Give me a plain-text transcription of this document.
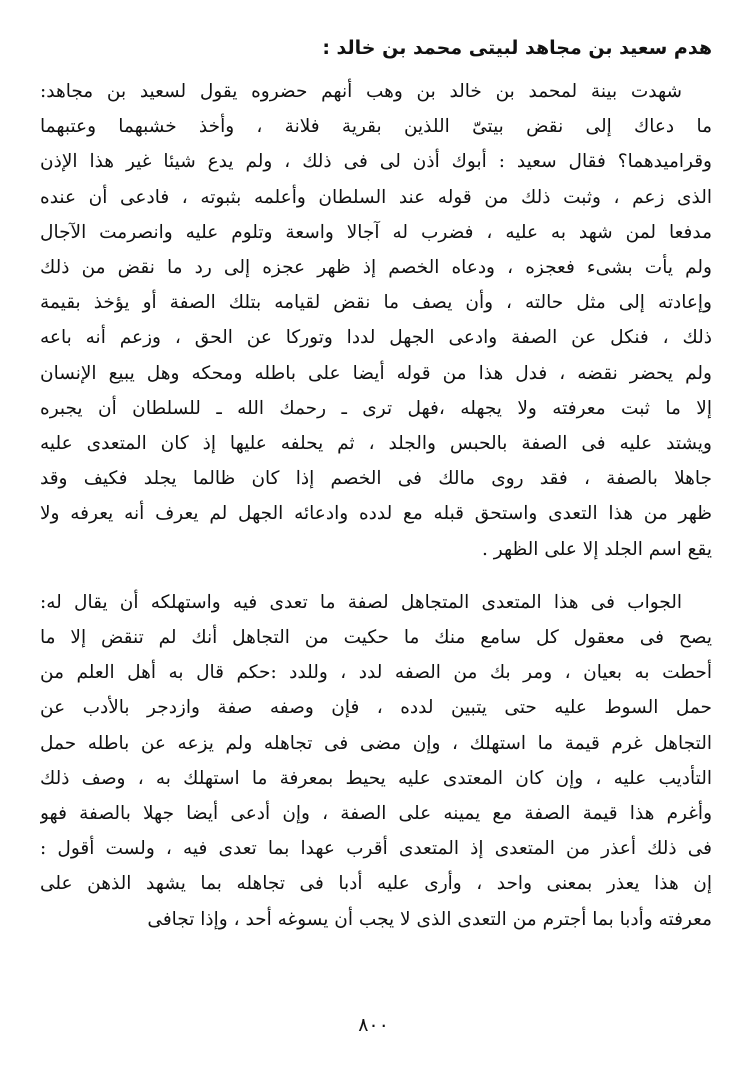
هدم سعيد بن مجاهد لبيتى محمد بن خالد :
شهدت بينة لمحمد بن خالد بن وهب أنهم حضروه يقول لسعيد بن مجاهد:
ما دعاك إلى نقض بيتىّ اللذين بقرية فلانة ، وأخذ خشبهما وعتبهما
وقراميدهما؟ فقال سعيد : أبوك أذن لى فى ذلك ، ولم يدع شيئا غير هذا الإذن
الذى زعم ، وثبت ذلك من قوله عند السلطان وأعلمه بثبوته ، فادعى أن عنده
مدفعا لمن شهد به عليه ، فضرب له آجالا واسعة وتلوم عليه وانصرمت الآجال
ولم يأت بشىء فعجزه ، ودعاه الخصم إذ ظهر عجزه إلى رد ما نقض من ذلك
وإعادته إلى مثل حالته ، وأن يصف ما نقض لقيامه بتلك الصفة أو يؤخذ بقيمة
ذلك ، فنكل عن الصفة وادعى الجهل لددا وتوركا عن الحق ، وزعم أنه باعه
ولم يحضر نقضه ، فدل هذا من قوله أيضا على باطله ومحكه وهل يبيع الإنسان
إلا ما ثبت معرفته ولا يجهله ،فهل ترى ـ رحمك الله ـ للسلطان أن يجبره
ويشتد عليه فى الصفة بالحبس والجلد ، ثم يحلفه عليها إذ كان المتعدى عليه
جاهلا بالصفة ، فقد روى مالك فى الخصم إذا كان ظالما يجلد فكيف وقد
ظهر من هذا التعدى واستحق قبله مع لدده وادعائه الجهل لم يعرف أنه يعرفه ولا
يقع اسم الجلد إلا على الظهر .
الجواب فى هذا المتعدى المتجاهل لصفة ما تعدى فيه واستهلكه أن يقال له:
يصح فى معقول كل سامع منك ما حكيت من التجاهل أنك لم تنقض إلا ما
أحطت به بعيان ، ومر بك من الصفه لدد ، وللدد :حكم قال به أهل العلم من
حمل السوط عليه حتى يتبين لدده ، فإن وصفه صفة وازدجر بالأدب عن
التجاهل غرم قيمة ما استهلك ، وإن مضى فى تجاهله ولم يزعه عن باطله حمل
التأديب عليه ، وإن كان المعتدى عليه يحيط بمعرفة ما استهلك به ، وصف ذلك
وأغرم هذا قيمة الصفة مع يمينه على الصفة ، وإن أدعى أيضا جهلا بالصفة فهو
فى ذلك أعذر من المتعدى إذ المتعدى أقرب عهدا بما تعدى فيه ، ولست أقول :
إن هذا يعذر بمعنى واحد ، وأرى عليه أدبا فى تجاهله بما يشهد الذهن على
معرفته وأدبا بما أجترم من التعدى الذى لا يجب أن يسوغه أحد ، وإذا تجافى
٨٠٠
